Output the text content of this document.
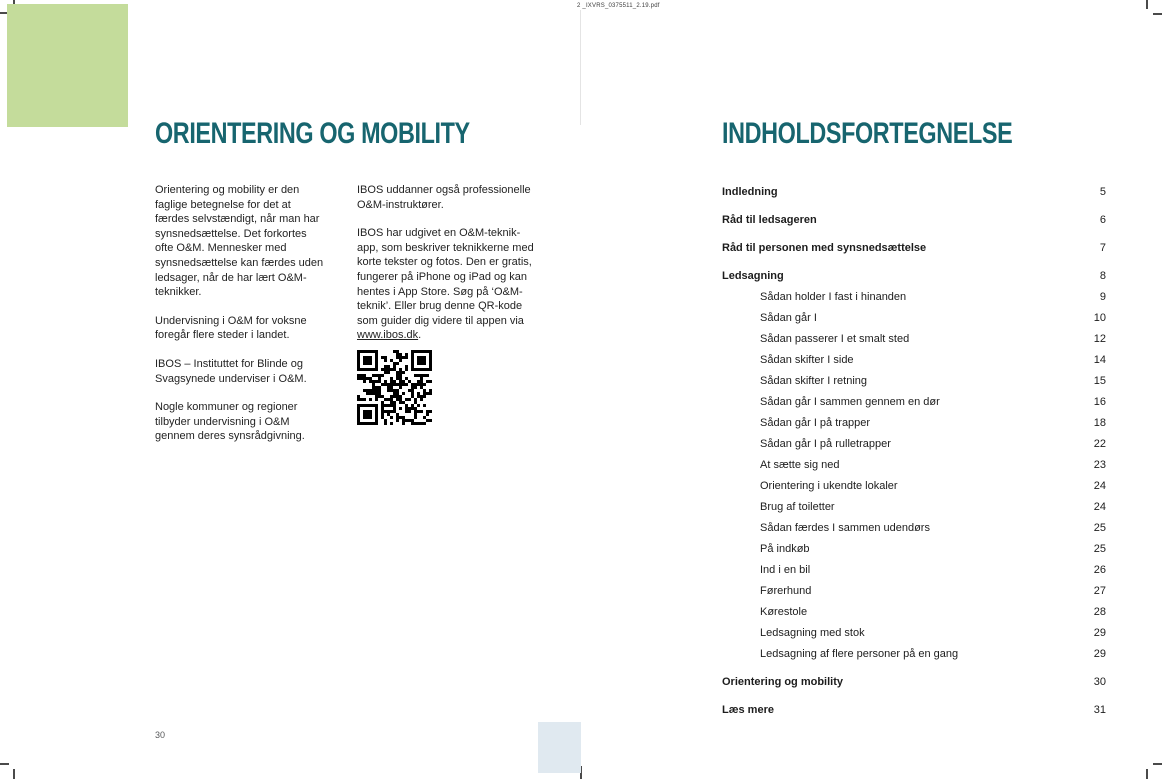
2 _IXVRS_0375511_2.19.pdf
ORIENTERING OG MOBILITY

Orientering og mobility er den
faglige betegnelse for det at
færdes selvstændigt, når man har
synsnedsættelse. Det forkortes
ofte O&M. Mennesker med
synsnedsættelse kan færdes uden
ledsager, når de har lært O&M-
teknikker.

Undervisning i O&M for voksne
foregår flere steder i landet.

IBOS – Instituttet for Blinde og
Svagsynede underviser i O&M.

Nogle kommuner og regioner
tilbyder undervisning i O&M
gennem deres synsrådgivning.

IBOS uddanner også professionelle
O&M-instruktører.

IBOS har udgivet en O&M-teknik-
app, som beskriver teknikkerne med
korte tekster og fotos. Den er gratis,
fungerer på iPhone og iPad og kan
hentes i App Store. Søg på ‘O&M-
teknik’. Eller brug denne QR-kode
som guider dig videre til appen via

www.ibos.dk.
30
INDHOLDSFORTEGNELSE
Indledning	5
Råd til ledsageren	6
Råd til personen med synsnedsættelse	7
Ledsagning	8
Sådan holder I fast i hinanden	9
Sådan går I	10
Sådan passerer I et smalt sted	12
Sådan skifter I side	14
Sådan skifter I retning	15
Sådan går I sammen gennem en dør	16
Sådan går I på trapper	18
Sådan går I på rulletrapper	22
At sætte sig ned	23
Orientering i ukendte lokaler	24
Brug af toiletter	24
Sådan færdes I sammen udendørs	25
På indkøb	25
Ind i en bil	26
Førerhund	27
Kørestole	28
Ledsagning med stok	29
Ledsagning af flere personer på en gang	29
Orientering og mobility	30
Læs mere	31
